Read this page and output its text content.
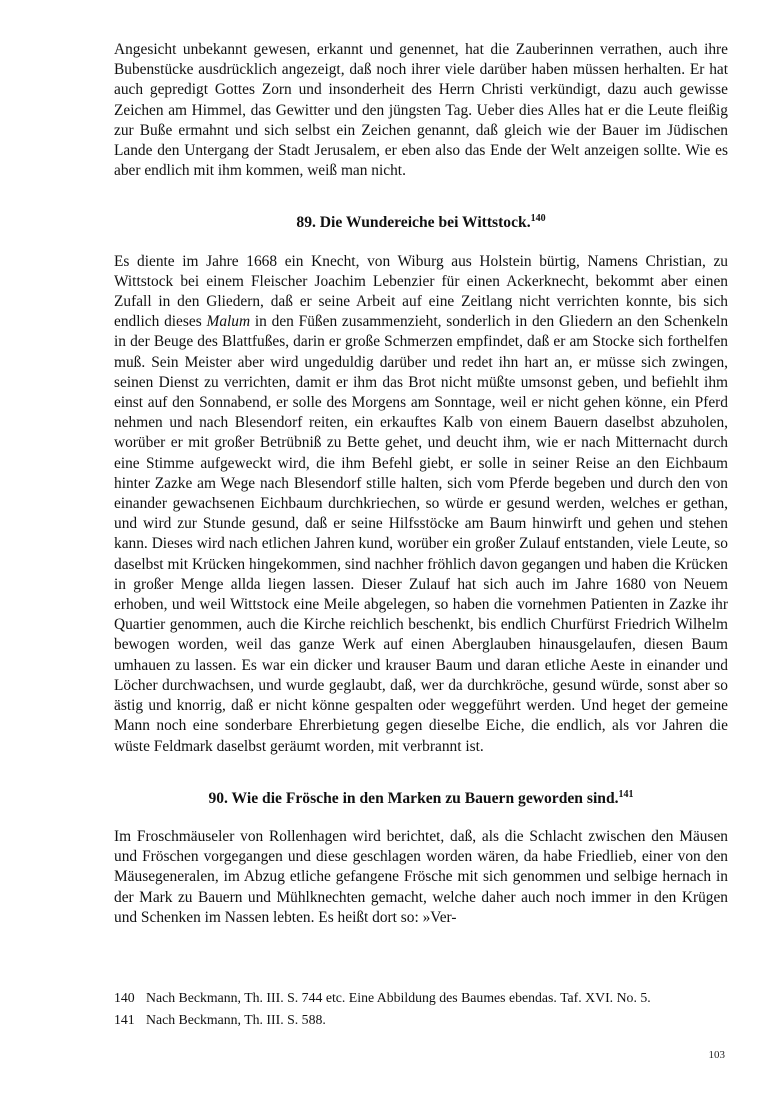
Angesicht unbekannt gewesen, erkannt und genennet, hat die Zauberinnen verrathen, auch ihre Bubenstücke ausdrücklich angezeigt, daß noch ihrer viele darüber haben müssen herhalten. Er hat auch gepredigt Gottes Zorn und insonderheit des Herrn Christi verkündigt, dazu auch gewisse Zeichen am Himmel, das Gewitter und den jüngsten Tag. Ueber dies Alles hat er die Leute fleißig zur Buße ermahnt und sich selbst ein Zeichen genannt, daß gleich wie der Bauer im Jüdischen Lande den Untergang der Stadt Jerusalem, er eben also das Ende der Welt anzeigen sollte. Wie es aber endlich mit ihm kommen, weiß man nicht.

89. Die Wundereiche bei Wittstock.$^{140}$

Es diente im Jahre 1668 ein Knecht, von Wiburg aus Holstein bürtig, Namens Christian, zu Wittstock bei einem Fleischer Joachim Lebenzier für einen Ackerknecht, bekommt aber einen Zufall in den Gliedern, daß er seine Arbeit auf eine Zeitlang nicht verrichten konnte, bis sich endlich dieses Malum in den Füßen zusammenzieht, sonderlich in den Gliedern an den Schenkeln in der Beuge des Blattfußes, darin er große Schmerzen empfindet, daß er am Stocke sich forthelfen muß. Sein Meister aber wird ungeduldig darüber und redet ihn hart an, er müsse sich zwingen, seinen Dienst zu verrichten, damit er ihm das Brot nicht müßte umsonst geben, und befiehlt ihm einst auf den Sonnabend, er solle des Morgens am Sonntage, weil er nicht gehen könne, ein Pferd nehmen und nach Blesendorf reiten, ein erkauftes Kalb von einem Bauern daselbst abzuholen, worüber er mit großer Betrübniß zu Bette gehet, und deucht ihm, wie er nach Mitternacht durch eine Stimme aufgeweckt wird, die ihm Befehl giebt, er solle in seiner Reise an den Eichbaum hinter Zazke am Wege nach Blesendorf stille halten, sich vom Pferde begeben und durch den von einander gewachsenen Eichbaum durchkriechen, so würde er gesund werden, welches er gethan, und wird zur Stunde gesund, daß er seine Hilfsstöcke am Baum hinwirft und gehen und stehen kann. Dieses wird nach etlichen Jahren kund, worüber ein großer Zulauf entstanden, viele Leute, so daselbst mit Krücken hingekommen, sind nachher fröhlich davon gegangen und haben die Krücken in großer Menge allda liegen lassen. Dieser Zulauf hat sich auch im Jahre 1680 von Neuem erhoben, und weil Wittstock eine Meile abgelegen, so haben die vornehmen Patienten in Zazke ihr Quartier genommen, auch die Kirche reichlich beschenkt, bis endlich Churfürst Friedrich Wilhelm bewogen worden, weil das ganze Werk auf einen Aberglauben hinausgelaufen, diesen Baum umhauen zu lassen. Es war ein dicker und krauser Baum und daran etliche Aeste in einander und Löcher durchwachsen, und wurde geglaubt, daß, wer da durchkröche, gesund würde, sonst aber so ästig und knorrig, daß er nicht könne gespalten oder weggeführt werden. Und heget der gemeine Mann noch eine sonderbare Ehrerbietung gegen dieselbe Eiche, die endlich, als vor Jahren die wüste Feldmark daselbst geräumt worden, mit verbrannt ist.

90. Wie die Frösche in den Marken zu Bauern geworden sind.$^{141}$

Im Froschmäuseler von Rollenhagen wird berichtet, daß, als die Schlacht zwischen den Mäusen und Fröschen vorgegangen und diese geschlagen worden wären, da habe Friedlieb, einer von den Mäusegeneralen, im Abzug etliche gefangene Frösche mit sich genommen und selbige hernach in der Mark zu Bauern und Mühlknechten gemacht, welche daher auch noch immer in den Krügen und Schenken im Nassen lebten. Es heißt dort so: »Ver-

140 Nach Beckmann, Th. III. S. 744 etc. Eine Abbildung des Baumes ebendas. Taf. XVI. No. 5.
141 Nach Beckmann, Th. III. S. 588.
103
